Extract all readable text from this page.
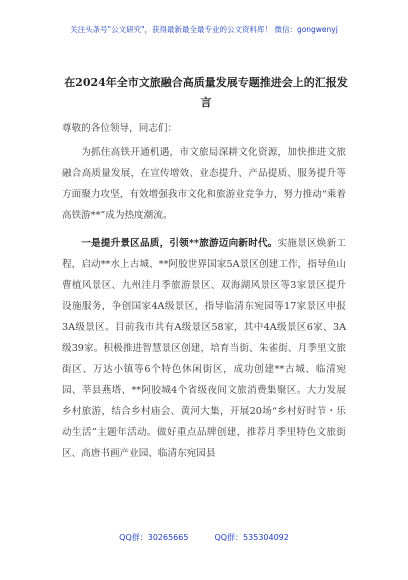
关注头条号"公文研究"，获得最新最全最专业的公文资料库！ 微信：gongwenyj
在2024年全市文旅融合高质量发展专题推进会上的汇报发
言

尊敬的各位领导，同志们：

为抓住高铁开通机遇，市文旅局深耕文化资源，加快推进文旅融合高质量发展，在宣传增效、业态提升、产品提质、服务提升等方面聚力攻坚，有效增强我市文化和旅游业竞争力，努力推动“乘着高铁游**”成为热度潮流。

一是提升景区品质，引领**旅游迈向新时代。实施景区焕新工程，启动**水上古城、**阿胶世界国家5A景区创建工作，指导鱼山曹植风景区、九州洼月季旅游景区、双海湖风景区等3家景区提升设施服务，争创国家4A级景区，指导临清东宛园等17家景区申报3A级景区。目前我市共有A级景区58家，其中4A级景区6家、3A级39家。积极推进智慧景区创建，培育当街、朱雀街、月季里文旅街区、万达小镇等6个特色休闲街区，成功创建**古城、临清宛园、莘县燕塔、**阿胶城4个省级夜间文旅消费集聚区。大力发展乡村旅游，结合乡村庙会、黄河大集，开展20场“乡村好时节・乐动生活”主题年活动。做好重点品牌创建，推荐月季里特色文旅街区、高唐书画产业园、临清东宛园县

QQ群：30265665	QQ群：535304092
